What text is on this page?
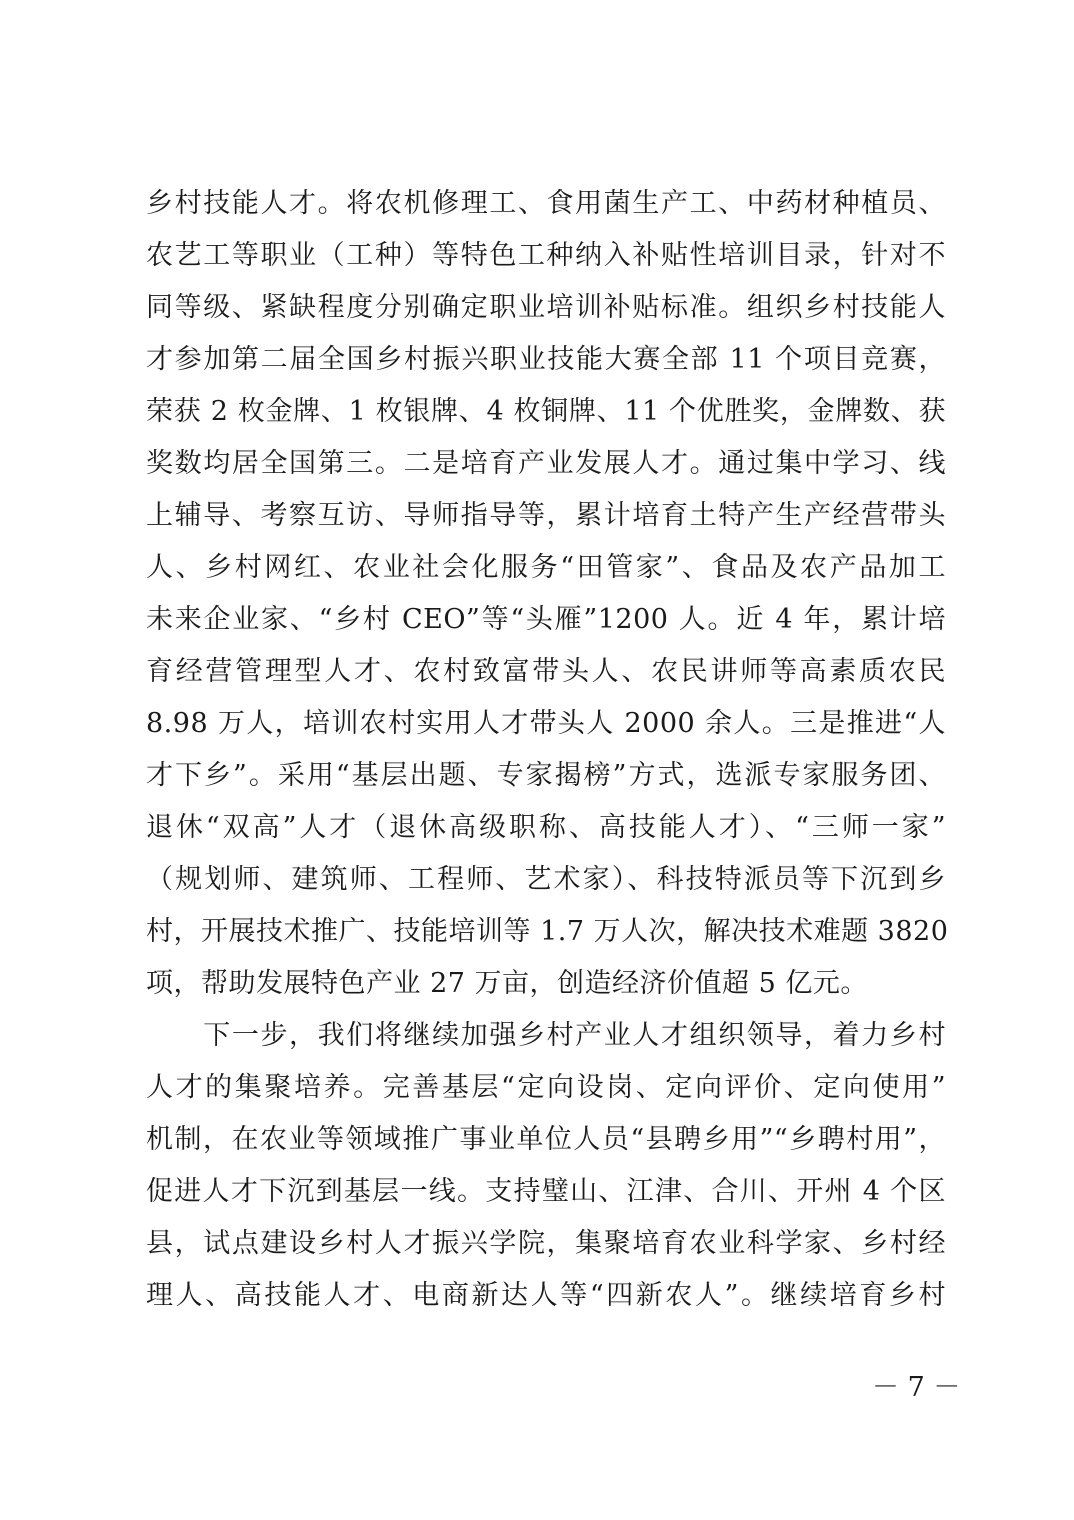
乡村技能人才。将农机修理工、食用菌生产工、中药材种植员、
农艺工等职业（工种）等特色工种纳入补贴性培训目录，针对不
同等级、紧缺程度分别确定职业培训补贴标准。组织乡村技能人
才参加第二届全国乡村振兴职业技能大赛全部 11 个项目竞赛，
荣获 2 枚金牌、1 枚银牌、4 枚铜牌、11 个优胜奖，金牌数、获
奖数均居全国第三。二是培育产业发展人才。通过集中学习、线
上辅导、考察互访、导师指导等，累计培育土特产生产经营带头
人、乡村网红、农业社会化服务“田管家”、食品及农产品加工
未来企业家、“乡村 CEO”等“头雁”1200 人。近 4 年，累计培
育经营管理型人才、农村致富带头人、农民讲师等高素质农民
8.98 万人，培训农村实用人才带头人 2000 余人。三是推进“人
才下乡”。采用“基层出题、专家揭榜”方式，选派专家服务团、
退休“双高”人才（退休高级职称、高技能人才）、“三师一家”
（规划师、建筑师、工程师、艺术家）、科技特派员等下沉到乡
村，开展技术推广、技能培训等 1.7 万人次，解决技术难题 3820
项，帮助发展特色产业 27 万亩，创造经济价值超 5 亿元。
　　下一步，我们将继续加强乡村产业人才组织领导，着力乡村
人才的集聚培养。完善基层“定向设岗、定向评价、定向使用”
机制，在农业等领域推广事业单位人员“县聘乡用”“乡聘村用”，
促进人才下沉到基层一线。支持璧山、江津、合川、开州 4 个区
县，试点建设乡村人才振兴学院，集聚培育农业科学家、乡村经
理人、高技能人才、电商新达人等“四新农人”。继续培育乡村
－ 7 －
